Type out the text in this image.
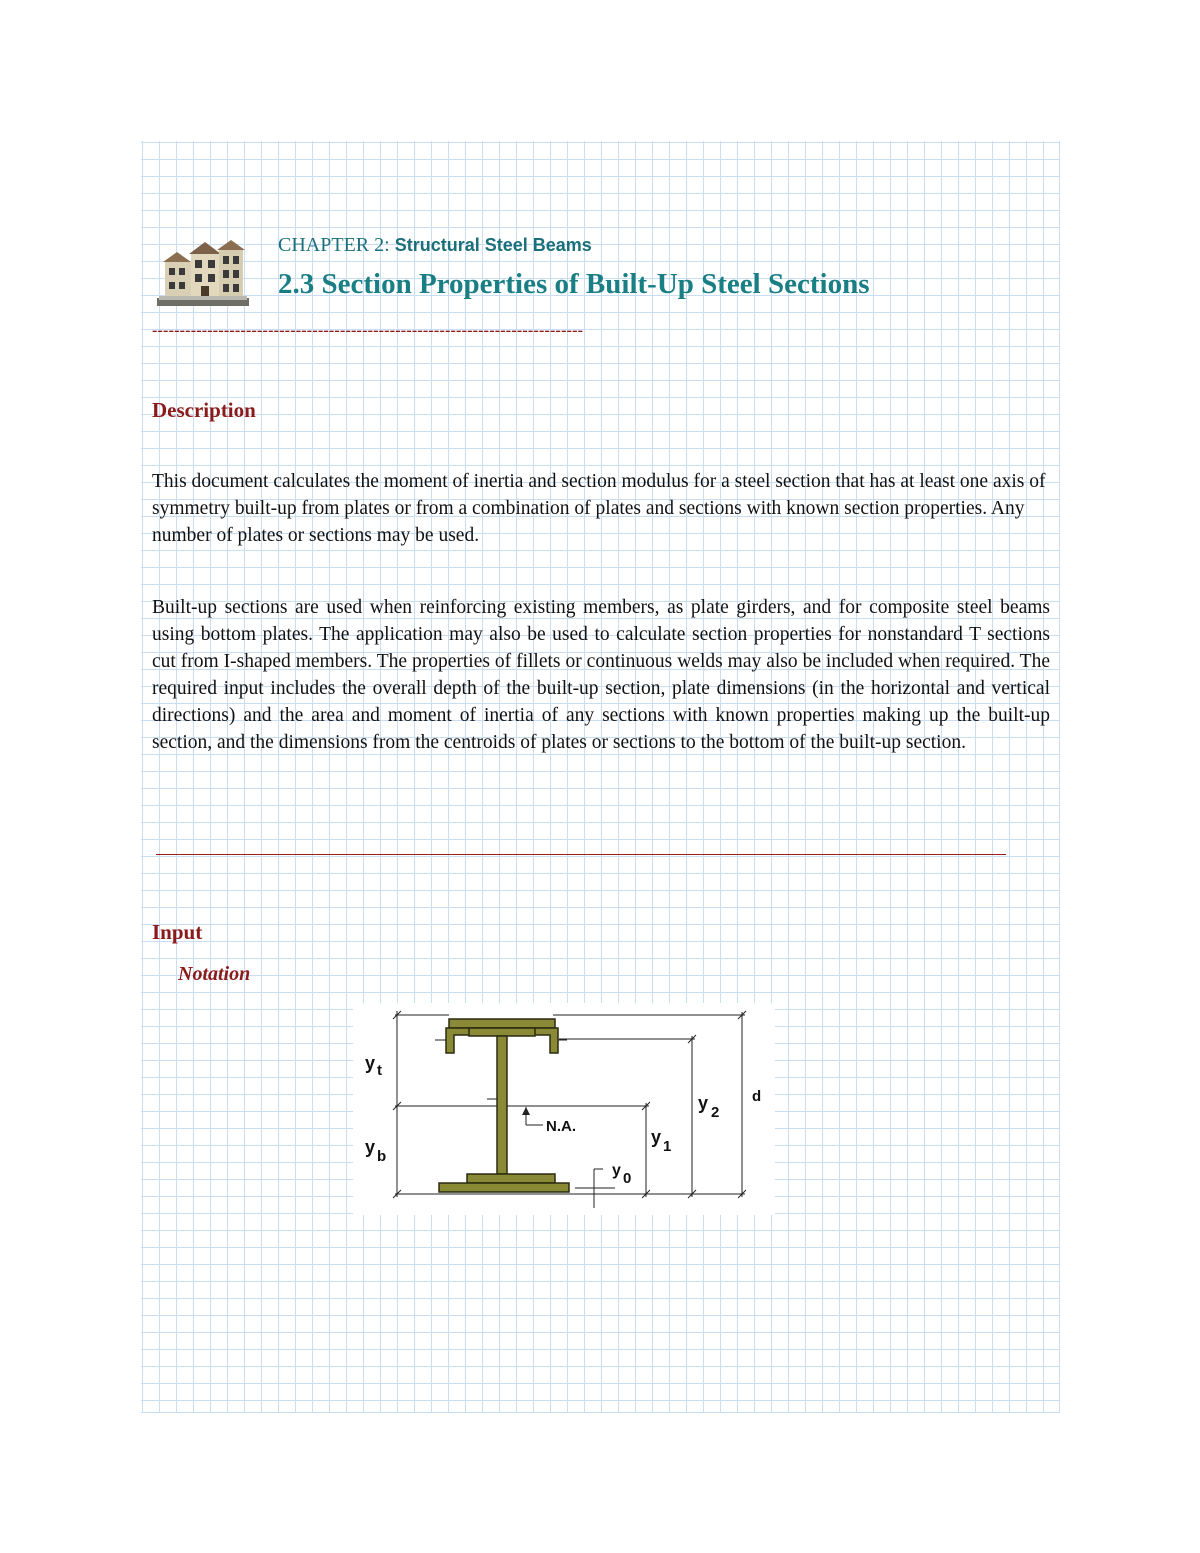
CHAPTER 2: Structural Steel Beams
2.3 Section Properties of Built-Up Steel Sections
------------------------------------------------------------------------------
Description
This document calculates the moment of inertia and section modulus for a steel section that has at least one axis of symmetry built-up from plates or from a combination of plates and sections with known section properties. Any number of plates or sections may be used.
Built-up sections are used when reinforcing existing members, as plate girders, and for composite steel beams using bottom plates. The application may also be used to calculate section properties for nonstandard T sections cut from I-shaped members. The properties of fillets or continuous welds may also be included when required. The required input includes the overall depth of the built-up section, plate dimensions (in the horizontal and vertical directions) and the area and moment of inertia of any sections with known properties making up the built-up section, and the dimensions from the centroids of plates or sections to the bottom of the built-up section.
Input
Notation
y t
y b
N.A.
y 1
y 2
y 0
d
